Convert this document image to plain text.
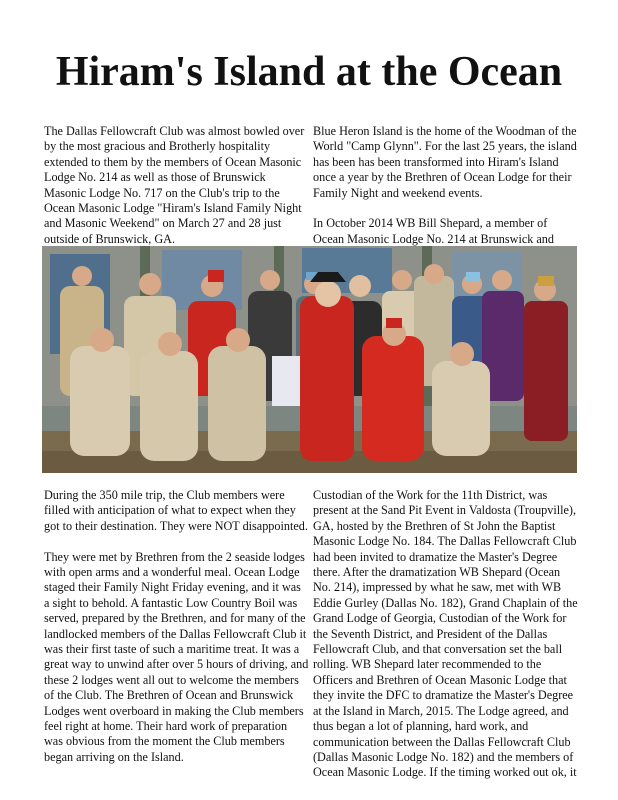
Hiram's Island at the Ocean

The Dallas Fellowcraft Club was almost bowled over by the most gracious and Brotherly hospitality extended to them by the members of Ocean Masonic Lodge No. 214 as well as those of Brunswick Masonic Lodge No. 717 on the Club's trip to the Ocean Masonic Lodge "Hiram's Island Family Night and Masonic Weekend" on March 27 and 28 just outside of Brunswick, GA.

Blue Heron Island is the home of the Woodman of the World "Camp Glynn". For the last 25 years, the island has been has been transformed into Hiram's Island once a year by the Brethren of Ocean Lodge for their Family Night and weekend events.

In October 2014 WB Bill Shepard, a member of Ocean Masonic Lodge No. 214 at Brunswick and

During the 350 mile trip, the Club members were filled with anticipation of what to expect when they got to their destination. They were NOT disappointed.

They were met by Brethren from the 2 seaside lodges with open arms and a wonderful meal. Ocean Lodge staged their Family Night Friday evening, and it was a sight to behold. A fantastic Low Country Boil was served, prepared by the Brethren, and for many of the landlocked members of the Dallas Fellowcraft Club it was their first taste of such a maritime treat. It was a great way to unwind after over 5 hours of driving, and these 2 lodges went all out to welcome the members of the Club. The Brethren of Ocean and Brunswick Lodges went overboard in making the Club members feel right at home. Their hard work of preparation was obvious from the moment the Club members began arriving on the Island.

Custodian of the Work for the 11th District, was present at the Sand Pit Event in Valdosta (Troupville), GA, hosted by the Brethren of St John the Baptist Masonic Lodge No. 184. The Dallas Fellowcraft Club had been invited to dramatize the Master's Degree there. After the dramatization WB Shepard (Ocean No. 214), impressed by what he saw, met with WB Eddie Gurley (Dallas No. 182), Grand Chaplain of the Grand Lodge of Georgia, Custodian of the Work for the Seventh District, and President of the Dallas Fellowcraft Club, and that conversation set the ball rolling. WB Shepard later recommended to the Officers and Brethren of Ocean Masonic Lodge that they invite the DFC to dramatize the Master's Degree at the Island in March, 2015. The Lodge agreed, and thus began a lot of planning, hard work, and communication between the Dallas Fellowcraft Club (Dallas Masonic Lodge No. 182) and the members of Ocean Masonic Lodge. If the timing worked out ok, it
